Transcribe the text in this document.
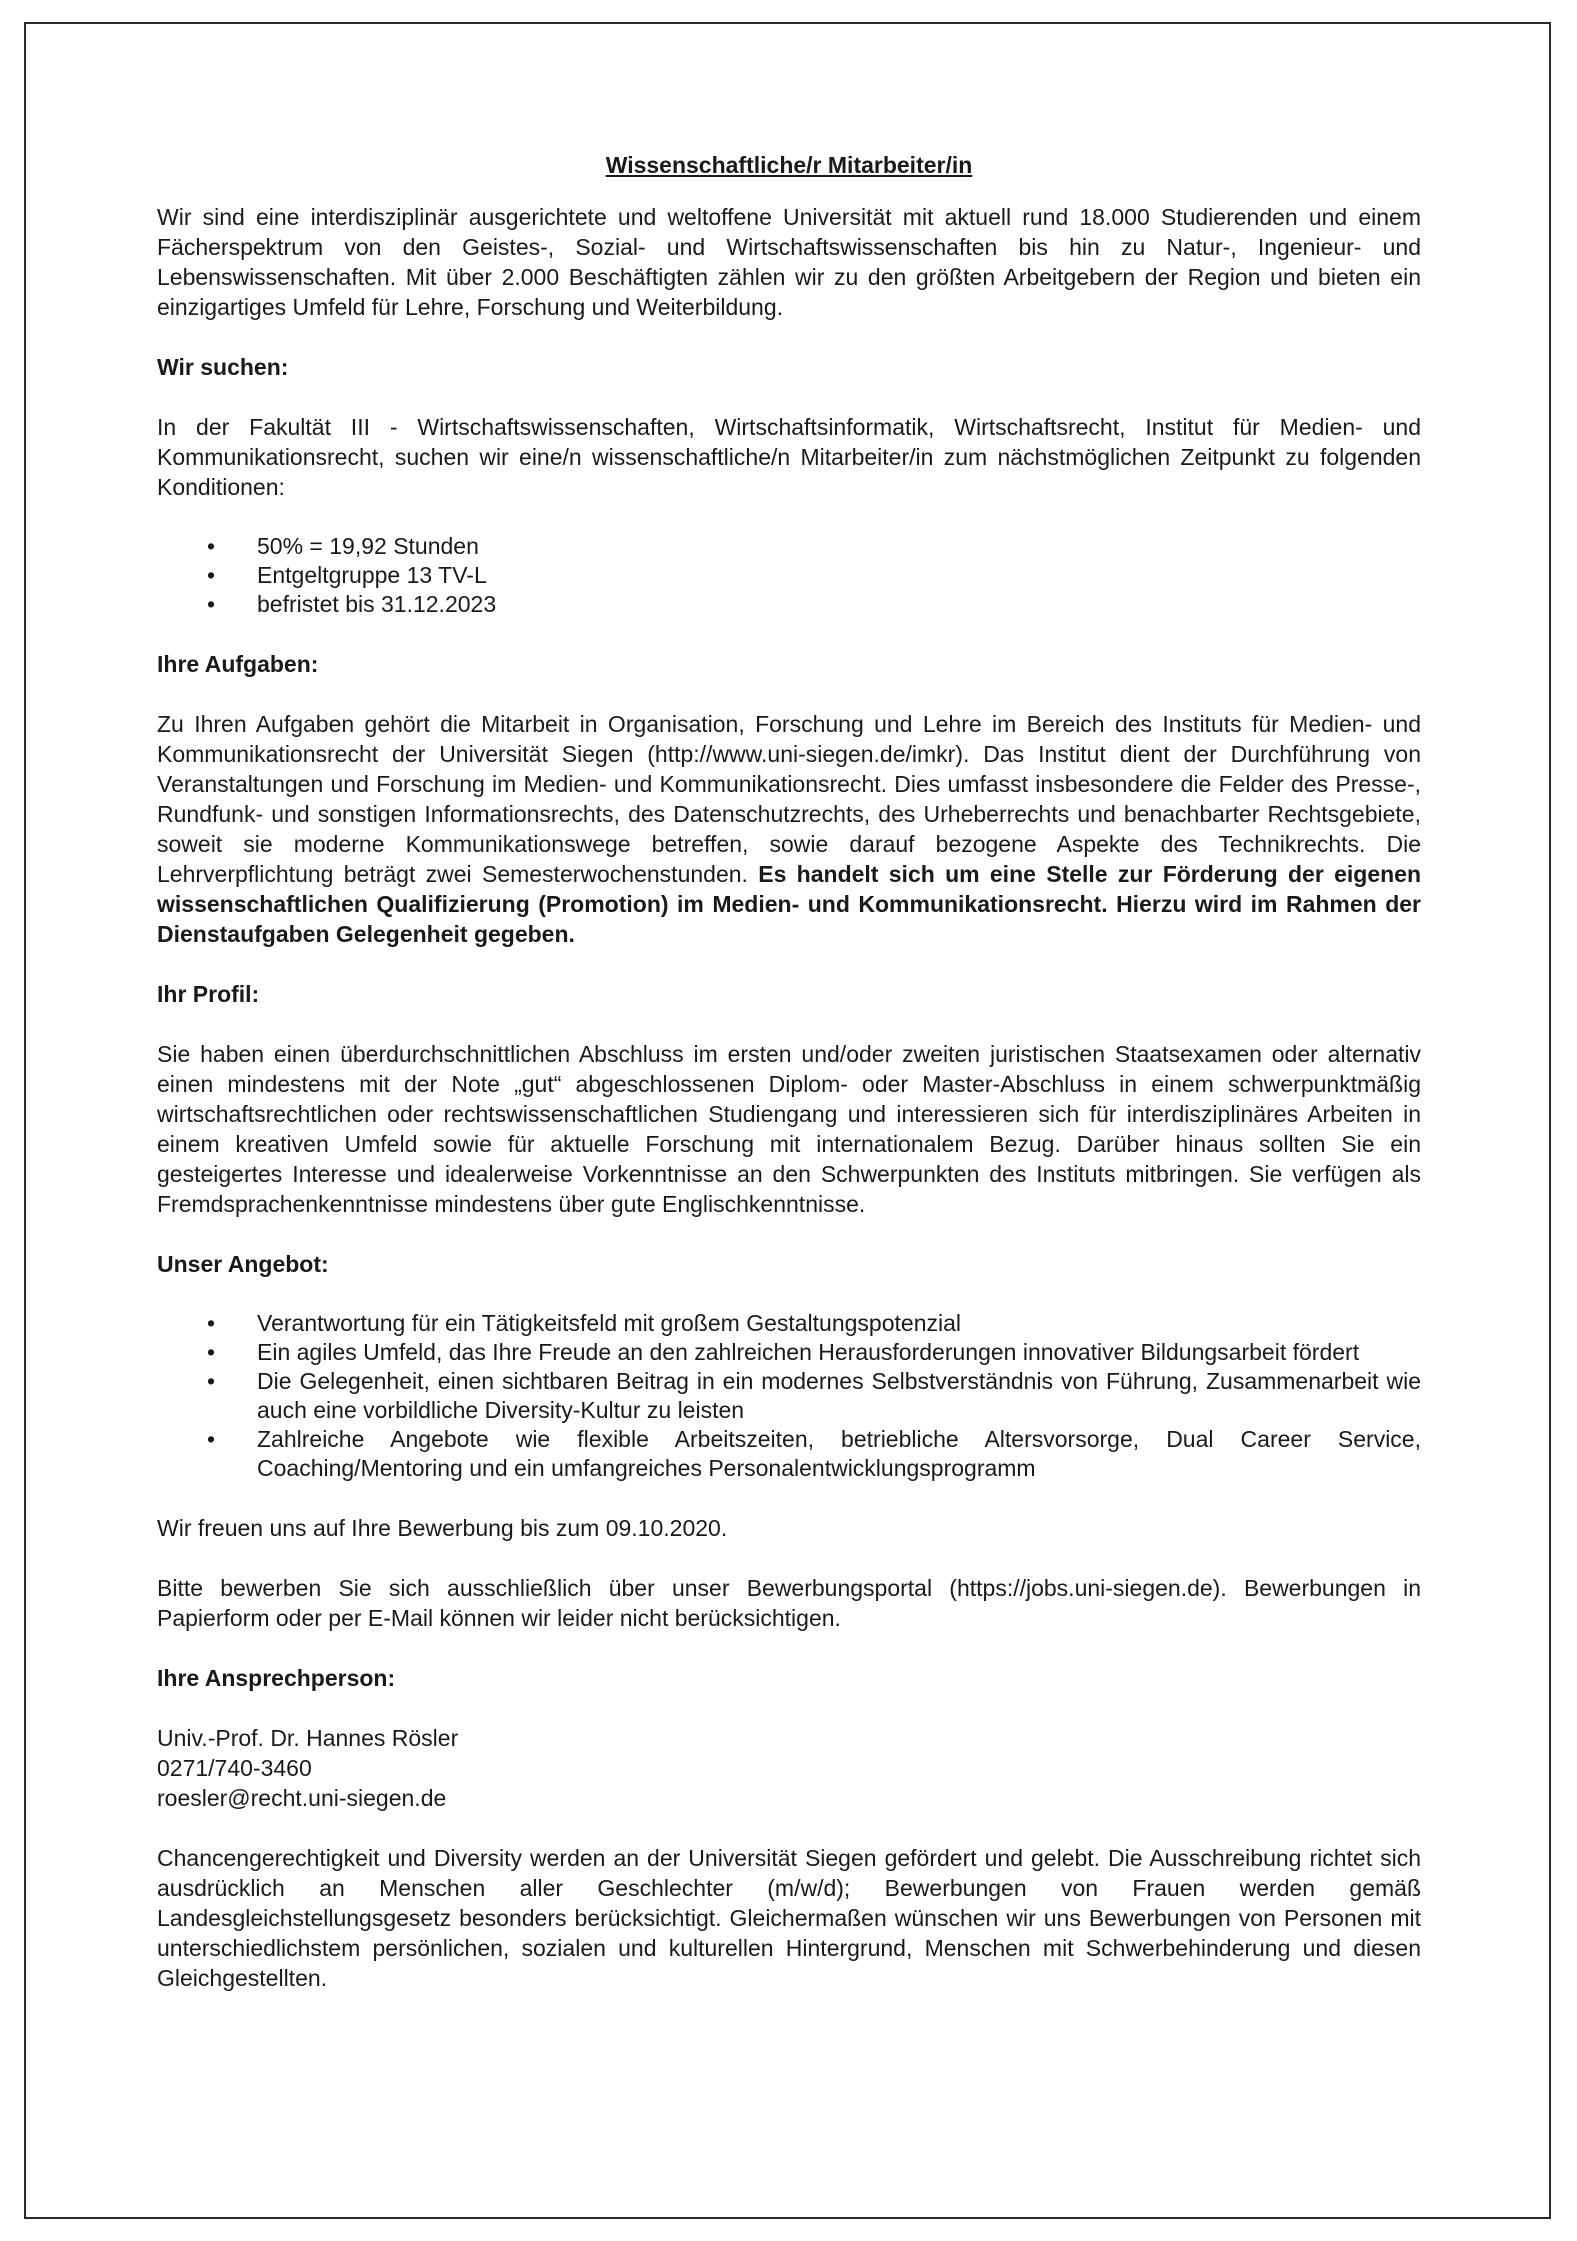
Wissenschaftliche/r Mitarbeiter/in

Wir sind eine interdisziplinär ausgerichtete und weltoffene Universität mit aktuell rund 18.000 Studierenden und einem Fächerspektrum von den Geistes-, Sozial- und Wirtschaftswissenschaften bis hin zu Natur-, Ingenieur- und Lebenswissenschaften. Mit über 2.000 Beschäftigten zählen wir zu den größten Arbeitgebern der Region und bieten ein einzigartiges Umfeld für Lehre, Forschung und Weiterbildung.

Wir suchen:

In der Fakultät III - Wirtschaftswissenschaften, Wirtschaftsinformatik, Wirtschaftsrecht, Institut für Medien- und Kommunikationsrecht, suchen wir eine/n wissenschaftliche/n Mitarbeiter/in zum nächstmöglichen Zeitpunkt zu folgenden Konditionen:

• 50% = 19,92 Stunden
• Entgeltgruppe 13 TV-L
• befristet bis 31.12.2023
Ihre Aufgaben:

Zu Ihren Aufgaben gehört die Mitarbeit in Organisation, Forschung und Lehre im Bereich des Instituts für Medien- und Kommunikationsrecht der Universität Siegen (http://www.uni-siegen.de/imkr). Das Institut dient der Durchführung von Veranstaltungen und Forschung im Medien- und Kommunikationsrecht. Dies umfasst insbesondere die Felder des Presse-, Rundfunk- und sonstigen Informationsrechts, des Datenschutzrechts, des Urheberrechts und benachbarter Rechtsgebiete, soweit sie moderne Kommunikationswege betreffen, sowie darauf bezogene Aspekte des Technikrechts. Die Lehrverpflichtung beträgt zwei Semesterwochenstunden. Es handelt sich um eine Stelle zur Förderung der eigenen wissenschaftlichen Qualifizierung (Promotion) im Medien- und Kommunikationsrecht. Hierzu wird im Rahmen der Dienstaufgaben Gelegenheit gegeben.

Ihr Profil:

Sie haben einen überdurchschnittlichen Abschluss im ersten und/oder zweiten juristischen Staatsexamen oder alternativ einen mindestens mit der Note „gut“ abgeschlossenen Diplom- oder Master-Abschluss in einem schwerpunktmäßig wirtschaftsrechtlichen oder rechtswissenschaftlichen Studiengang und interessieren sich für interdisziplinäres Arbeiten in einem kreativen Umfeld sowie für aktuelle Forschung mit internationalem Bezug. Darüber hinaus sollten Sie ein gesteigertes Interesse und idealerweise Vorkenntnisse an den Schwerpunkten des Instituts mitbringen. Sie verfügen als Fremdsprachenkenntnisse mindestens über gute Englischkenntnisse.

Unser Angebot:
• Verantwortung für ein Tätigkeitsfeld mit großem Gestaltungspotenzial
• Ein agiles Umfeld, das Ihre Freude an den zahlreichen Herausforderungen innovativer Bildungsarbeit fördert
• Die Gelegenheit, einen sichtbaren Beitrag in ein modernes Selbstverständnis von Führung, Zusammenarbeit wie auch eine vorbildliche Diversity-Kultur zu leisten
• Zahlreiche Angebote wie flexible Arbeitszeiten, betriebliche Altersvorsorge, Dual Career Service, Coaching/Mentoring und ein umfangreiches Personalentwicklungsprogramm

Wir freuen uns auf Ihre Bewerbung bis zum 09.10.2020.

Bitte bewerben Sie sich ausschließlich über unser Bewerbungsportal (https://jobs.uni-siegen.de). Bewerbungen in Papierform oder per E-Mail können wir leider nicht berücksichtigen.

Ihre Ansprechperson:

Univ.-Prof. Dr. Hannes Rösler

0271/740-3460

roesler@recht.uni-siegen.de

Chancengerechtigkeit und Diversity werden an der Universität Siegen gefördert und gelebt. Die Ausschreibung richtet sich ausdrücklich an Menschen aller Geschlechter (m/w/d); Bewerbungen von Frauen werden gemäß Landesgleichstellungsgesetz besonders berücksichtigt. Gleichermaßen wünschen wir uns Bewerbungen von Personen mit unterschiedlichstem persönlichen, sozialen und kulturellen Hintergrund, Menschen mit Schwerbehinderung und diesen Gleichgestellten.
